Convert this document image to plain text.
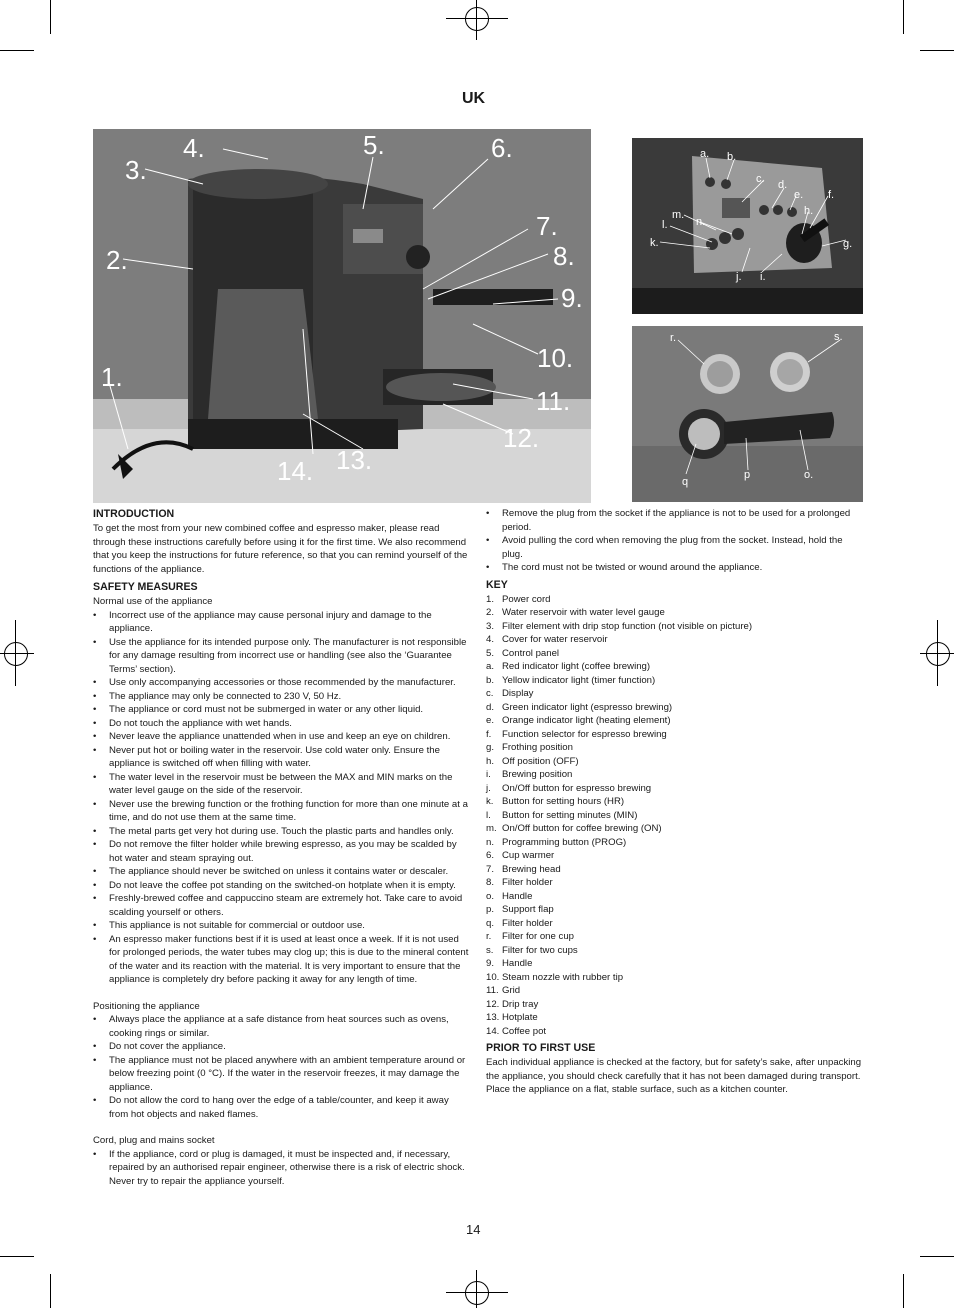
UK
4.	5.	6.
3.
7.
2.	8.
9.
1.
10.
11.
12.
14. 13.
a. b.
c. d.
e. f.
h.
m.
n.
l.
k.	g.
j. i.
r.	s.
q
p	o.
INTRODUCTION

To get the most from your new combined coffee and espresso maker, please read through these instructions carefully before using it for the first time. We also recommend that you keep the instructions for future reference, so that you can remind yourself of the functions of the appliance.

SAFETY MEASURES

Normal use of the appliance

• Incorrect use of the appliance may cause personal injury and damage to the appliance.
• Use the appliance for its intended purpose only. The manufacturer is not responsible for any damage resulting from incorrect use or handling (see also the ‘Guarantee Terms’ section).
• Use only accompanying accessories or those recommended by the manufacturer.
• The appliance may only be connected to 230 V, 50 Hz.
• The appliance or cord must not be submerged in water or any other liquid.
• Do not touch the appliance with wet hands.
• Never leave the appliance unattended when in use and keep an eye on children.
• Never put hot or boiling water in the reservoir. Use cold water only. Ensure the appliance is switched off when filling with water.
• The water level in the reservoir must be between the MAX and MIN marks on the water level gauge on the side of the reservoir.
• Never use the brewing function or the frothing function for more than one minute at a time, and do not use them at the same time.
• The metal parts get very hot during use. Touch the plastic parts and handles only.
• Do not remove the filter holder while brewing espresso, as you may be scalded by hot water and steam spraying out.
• The appliance should never be switched on unless it contains water or descaler.
• Do not leave the coffee pot standing on the switched-on hotplate when it is empty.
• Freshly-brewed coffee and cappuccino steam are extremely hot. Take care to avoid scalding yourself or others.
• This appliance is not suitable for commercial or outdoor use.
• An espresso maker functions best if it is used at least once a week. If it is not used for prolonged periods, the water tubes may clog up; this is due to the mineral content of the water and its reaction with the material. It is very important to ensure that the appliance is completely dry before packing it away for any length of time.

Positioning the appliance

• Always place the appliance at a safe distance from heat sources such as ovens, cooking rings or similar.
• Do not cover the appliance.
• The appliance must not be placed anywhere with an ambient temperature around or below freezing point (0 °C). If the water in the reservoir freezes, it may damage the appliance.
• Do not allow the cord to hang over the edge of a table/counter, and keep it away from hot objects and naked flames.

Cord, plug and mains socket

• If the appliance, cord or plug is damaged, it must be inspected and, if necessary, repaired by an authorised repair engineer, otherwise there is a risk of electric shock. Never try to repair the appliance yourself.
• Remove the plug from the socket if the appliance is not to be used for a prolonged period.
• Avoid pulling the cord when removing the plug from the socket. Instead, hold the plug.
• The cord must not be twisted or wound around the appliance.
KEY
1. Power cord
2. Water reservoir with water level gauge
3. Filter element with drip stop function (not visible on picture)
4. Cover for water reservoir
5. Control panel
a. Red indicator light (coffee brewing)
b. Yellow indicator light (timer function)
c. Display
d. Green indicator light (espresso brewing)
e. Orange indicator light (heating element)
f. Function selector for espresso brewing
g. Frothing position
h. Off position (OFF)
i. Brewing position
j. On/Off button for espresso brewing
k. Button for setting hours (HR)
l. Button for setting minutes (MIN)
m. On/Off button for coffee brewing (ON)
n. Programming button (PROG)
6. Cup warmer
7. Brewing head
8. Filter holder
o. Handle
p. Support flap
q. Filter holder
r. Filter for one cup
s. Filter for two cups
9. Handle
10. Steam nozzle with rubber tip
11. Grid
12. Drip tray
13. Hotplate
14. Coffee pot
PRIOR TO FIRST USE

Each individual appliance is checked at the factory, but for safety’s sake, after unpacking the appliance, you should check carefully that it has not been damaged during transport.

Place the appliance on a flat, stable surface, such as a kitchen counter.

14
